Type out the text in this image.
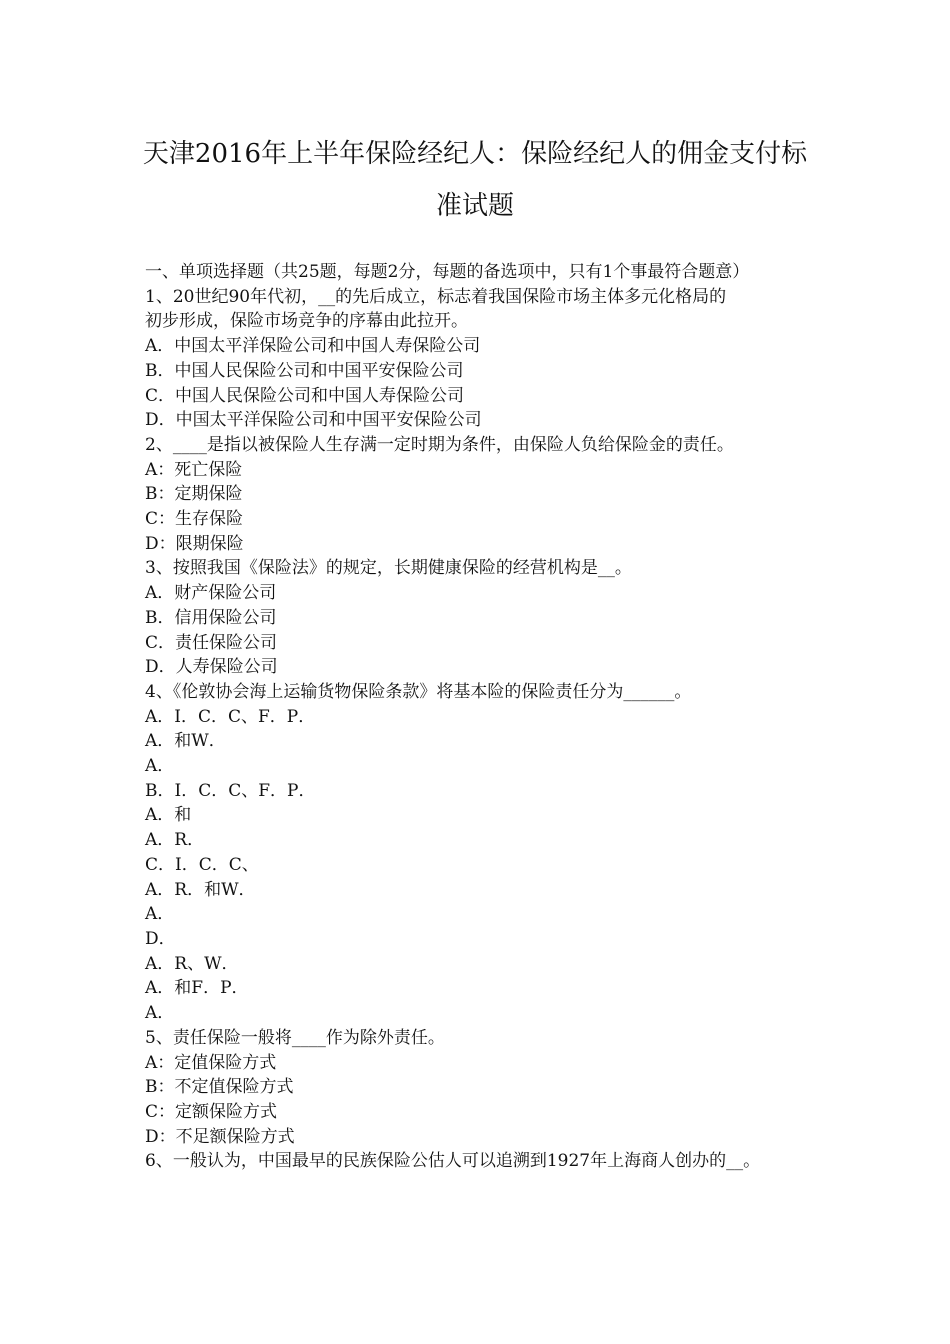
天津2016年上半年保险经纪人：保险经纪人的佣金支付标
准试题
一、单项选择题（共25题，每题2分，每题的备选项中，只有1个事最符合题意）
1、20世纪90年代初，__的先后成立，标志着我国保险市场主体多元化格局的
初步形成，保险市场竞争的序幕由此拉开。
A．中国太平洋保险公司和中国人寿保险公司
B．中国人民保险公司和中国平安保险公司
C．中国人民保险公司和中国人寿保险公司
D．中国太平洋保险公司和中国平安保险公司
2、____是指以被保险人生存满一定时期为条件，由保险人负给保险金的责任。
A：死亡保险
B：定期保险
C：生存保险
D：限期保险
3、按照我国《保险法》的规定，长期健康保险的经营机构是__。
A．财产保险公司
B．信用保险公司
C．责任保险公司
D．人寿保险公司
4、《伦敦协会海上运输货物保险条款》将基本险的保险责任分为______。
A．I．C．C、F．P．
A．和W．
A．
B．I．C．C、F．P．
A．和
A．R．
C．I．C．C、
A．R．和W．
A．
D．
A．R、W．
A．和F．P．
A．
5、责任保险一般将____作为除外责任。
A：定值保险方式
B：不定值保险方式
C：定额保险方式
D：不足额保险方式
6、一般认为，中国最早的民族保险公估人可以追溯到1927年上海商人创办的__。
